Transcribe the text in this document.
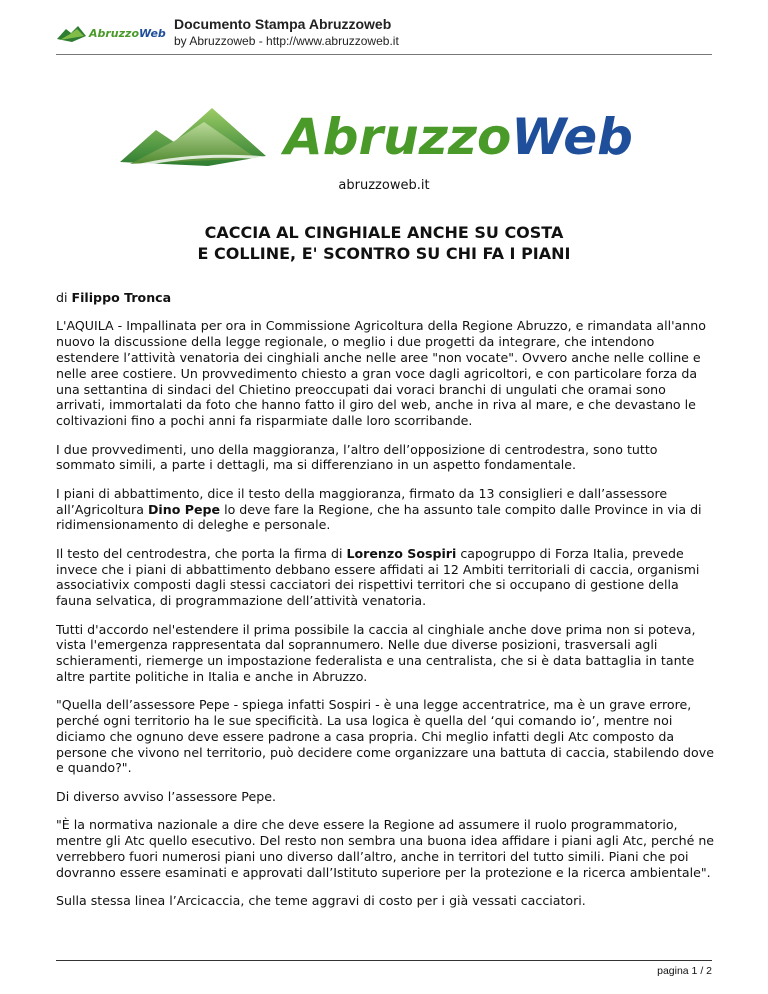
AbruzzoWeb
Documento Stampa Abruzzoweb
by Abruzzoweb - http://www.abruzzoweb.it
AbruzzoWeb
abruzzoweb.it
CACCIA AL CINGHIALE ANCHE SU COSTA
E COLLINE, E' SCONTRO SU CHI FA I PIANI

di Filippo Tronca

L'AQUILA - Impallinata per ora in Commissione Agricoltura della Regione Abruzzo, e rimandata all'anno nuovo la discussione della legge regionale, o meglio i due progetti da integrare, che intendono estendere l’attività venatoria dei cinghiali anche nelle aree "non vocate". Ovvero anche nelle colline e nelle aree costiere. Un provvedimento chiesto a gran voce dagli agricoltori, e con particolare forza da una settantina di sindaci del Chietino preoccupati dai voraci branchi di ungulati che oramai sono arrivati, immortalati da foto che hanno fatto il giro del web, anche in riva al mare, e che devastano le coltivazioni fino a pochi anni fa risparmiate dalle loro scorribande.

I due provvedimenti, uno della maggioranza, l’altro dell’opposizione di centrodestra, sono tutto sommato simili, a parte i dettagli, ma si differenziano in un aspetto fondamentale.

I piani di abbattimento, dice il testo della maggioranza, firmato da 13 consiglieri e dall’assessore all’Agricoltura Dino Pepe lo deve fare la Regione, che ha assunto tale compito dalle Province in via di ridimensionamento di deleghe e personale.

Il testo del centrodestra, che porta la firma di Lorenzo Sospiri capogruppo di Forza Italia, prevede invece che i piani di abbattimento debbano essere affidati ai 12 Ambiti territoriali di caccia, organismi associativix composti dagli stessi cacciatori dei rispettivi territori che si occupano di gestione della fauna selvatica, di programmazione dell’attività venatoria.

Tutti d'accordo nel'estendere il prima possibile la caccia al cinghiale anche dove prima non si poteva, vista l'emergenza rappresentata dal soprannumero. Nelle due diverse posizioni, trasversali agli schieramenti, riemerge un impostazione federalista e una centralista, che si è data battaglia in tante altre partite politiche in Italia e anche in Abruzzo.

"Quella dell’assessore Pepe - spiega infatti Sospiri - è una legge accentratrice, ma è un grave errore, perché ogni territorio ha le sue specificità. La usa logica è quella del ‘qui comando io’, mentre noi diciamo che ognuno deve essere padrone a casa propria. Chi meglio infatti degli Atc composto da persone che vivono nel territorio, può decidere come organizzare una battuta di caccia, stabilendo dove e quando?".

Di diverso avviso l’assessore Pepe.

"È la normativa nazionale a dire che deve essere la Regione ad assumere il ruolo programmatorio, mentre gli Atc quello esecutivo. Del resto non sembra una buona idea affidare i piani agli Atc, perché ne verrebbero fuori numerosi piani uno diverso dall’altro, anche in territori del tutto simili. Piani che poi dovranno essere esaminati e approvati dall’Istituto superiore per la protezione e la ricerca ambientale".

Sulla stessa linea l’Arcicaccia, che teme aggravi di costo per i già vessati cacciatori.

pagina 1 / 2
